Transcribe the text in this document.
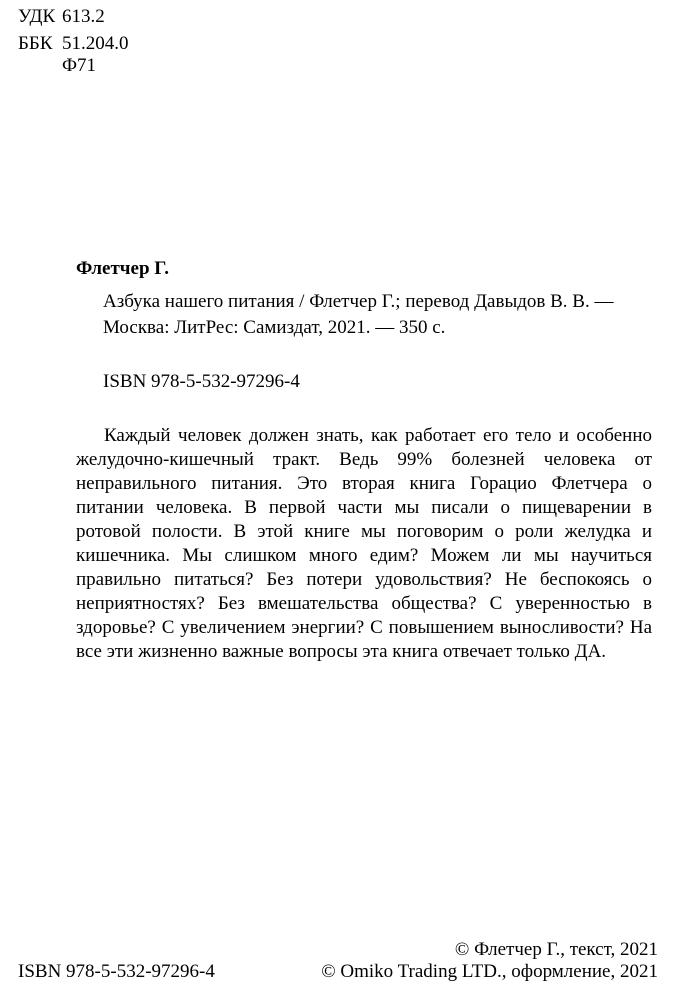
УДК 613.2
ББК 51.204.0
Ф71
Флетчер Г.
Азбука нашего питания / Флетчер Г.; перевод Давыдов В. В. —
Москва: ЛитРес: Самиздат, 2021. — 350 с.
ISBN 978-5-532-97296-4

Каждый человек должен знать, как работает его тело и особенно желудочно-кишечный тракт. Ведь 99% болезней человека от неправильного питания. Это вторая книга Горацио Флетчера о питании человека. В первой части мы писали о пищеварении в ротовой полости. В этой книге мы поговорим о роли желудка и кишечника. Мы слишком много едим? Можем ли мы научиться правильно питаться? Без потери удовольствия? Не беспокоясь о неприятностях? Без вмешательства общества? С уверенностью в здоровье? С увеличением энергии? С повышением выносливости? На все эти жизненно важные вопросы эта книга отвечает только ДА.

ISBN 978-5-532-97296-4
© Флетчер Г., текст, 2021
© Omiko Trading LTD., оформление, 2021
